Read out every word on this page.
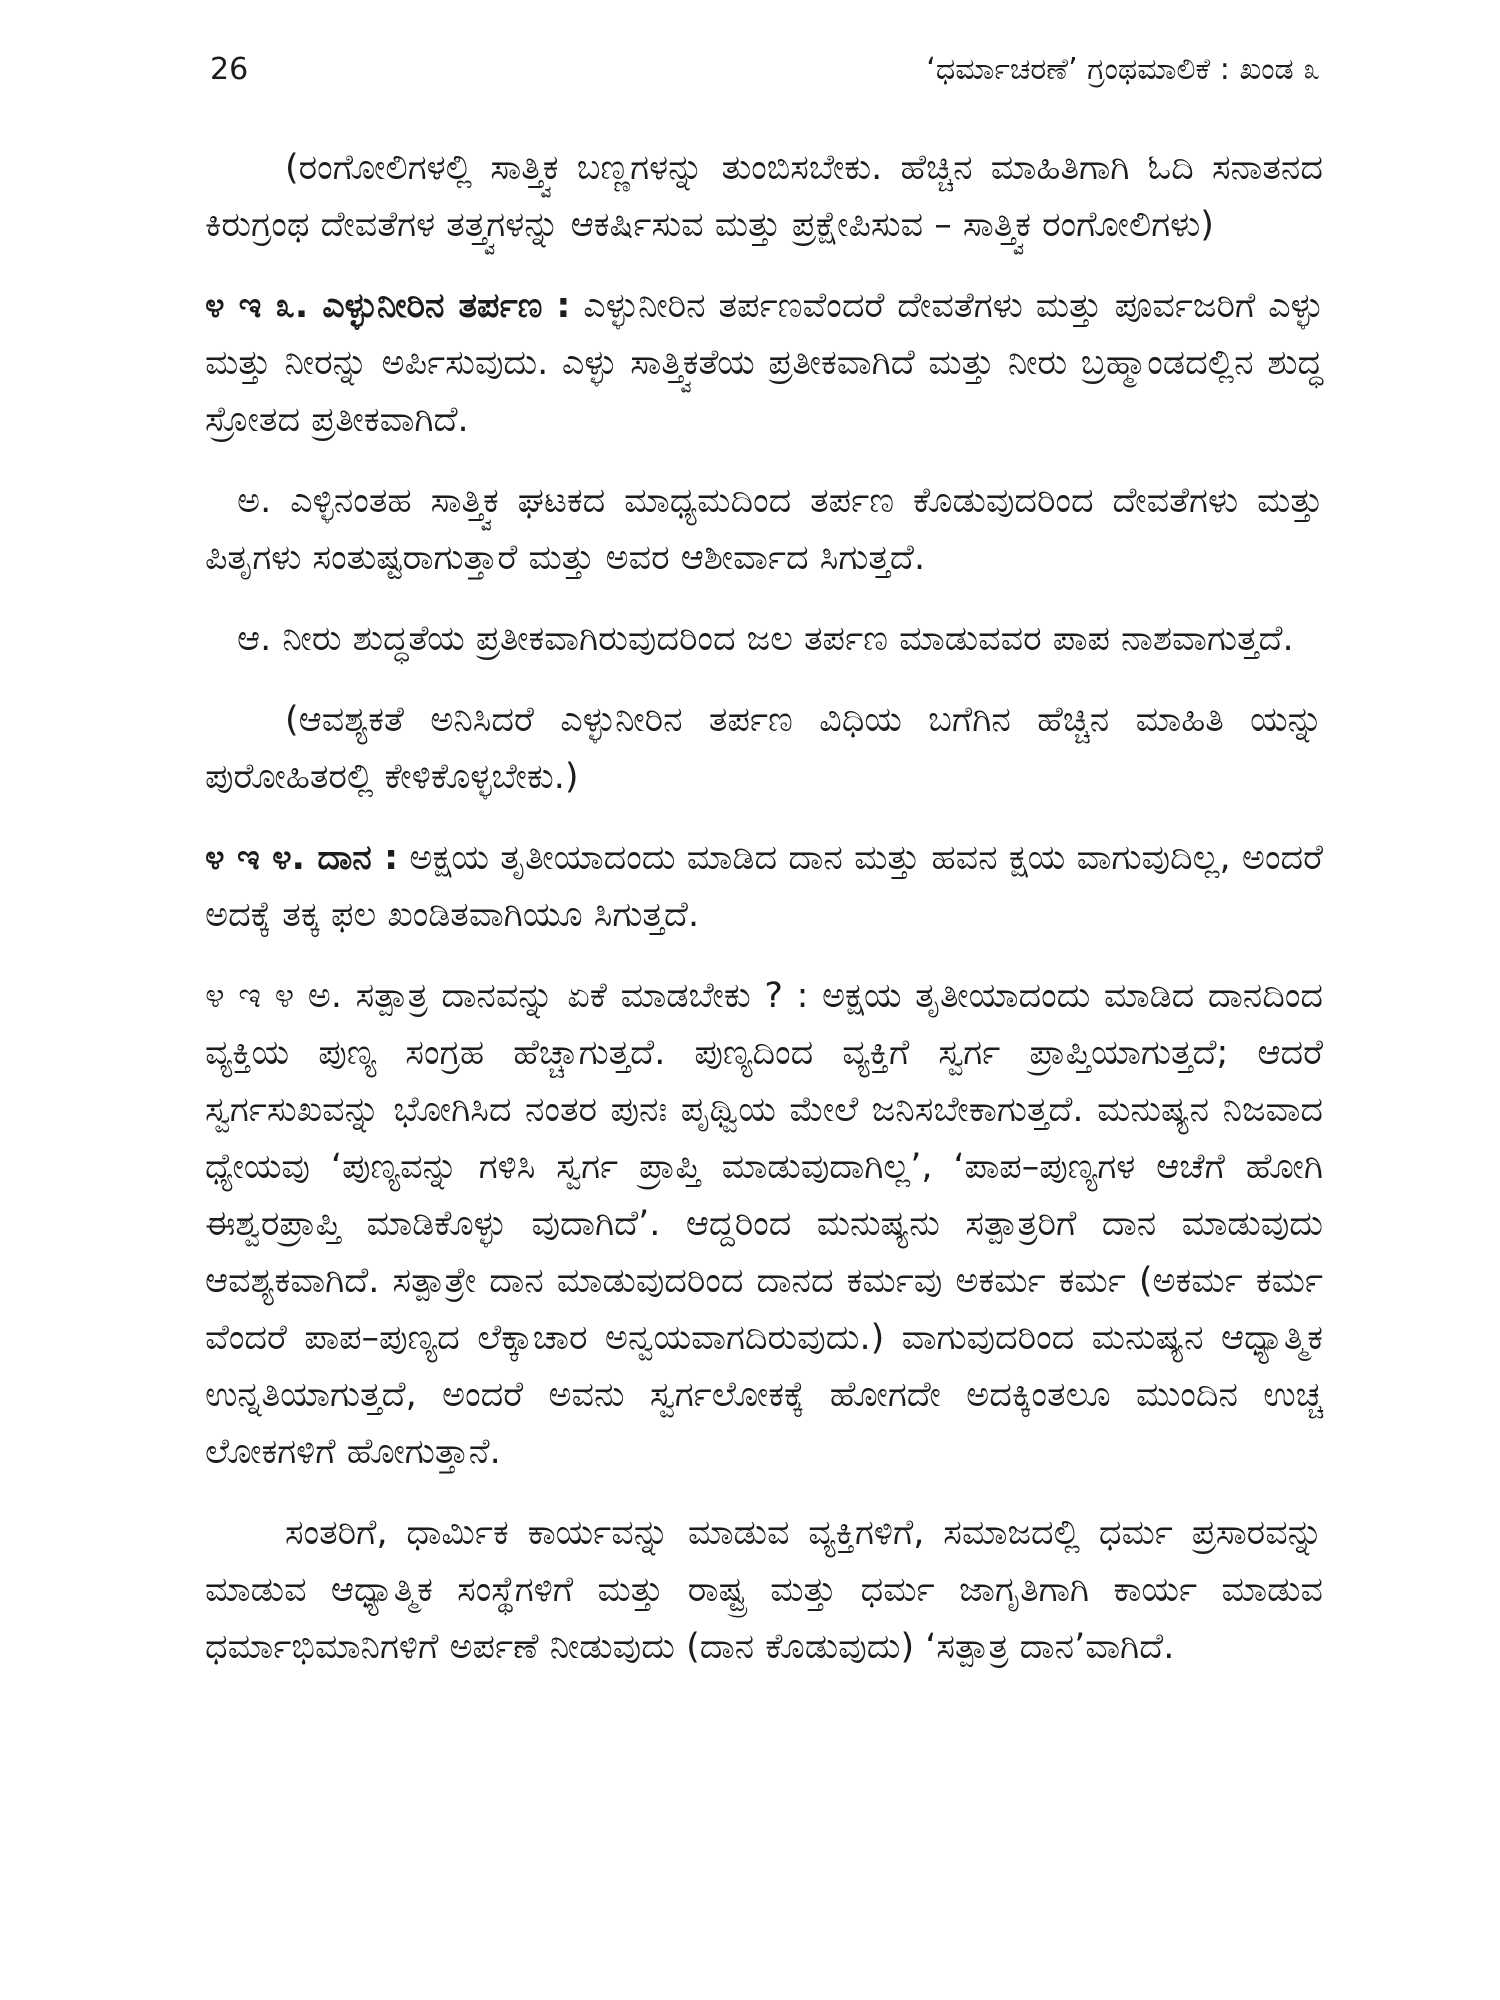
26	‘ಧರ್ಮಾಚರಣೆ’ ಗ್ರಂಥಮಾಲಿಕೆ : ಖಂಡ ೩

(ರಂಗೋಲಿಗಳಲ್ಲಿ ಸಾತ್ತ್ವಿಕ ಬಣ್ಣಗಳನ್ನು ತುಂಬಿಸಬೇಕು. ಹೆಚ್ಚಿನ ಮಾಹಿತಿಗಾಗಿ ಓದಿ ಸನಾತನದ ಕಿರುಗ್ರಂಥ ದೇವತೆಗಳ ತತ್ತ್ವಗಳನ್ನು ಆಕರ್ಷಿಸುವ ಮತ್ತು ಪ್ರಕ್ಷೇಪಿಸುವ – ಸಾತ್ತ್ವಿಕ ರಂಗೋಲಿಗಳು)

೪ ಇ ೩. ಎಳ್ಳುನೀರಿನ ತರ್ಪಣ : ಎಳ್ಳುನೀರಿನ ತರ್ಪಣವೆಂದರೆ ದೇವತೆಗಳು ಮತ್ತು ಪೂರ್ವಜರಿಗೆ ಎಳ್ಳು ಮತ್ತು ನೀರನ್ನು ಅರ್ಪಿಸುವುದು. ಎಳ್ಳು ಸಾತ್ತ್ವಿಕತೆಯ ಪ್ರತೀಕವಾಗಿದೆ ಮತ್ತು ನೀರು ಬ್ರಹ್ಮಾಂಡದಲ್ಲಿನ ಶುದ್ಧ ಸ್ರೋತದ ಪ್ರತೀಕವಾಗಿದೆ.

ಅ. ಎಳ್ಳಿನಂತಹ ಸಾತ್ತ್ವಿಕ ಘಟಕದ ಮಾಧ್ಯಮದಿಂದ ತರ್ಪಣ ಕೊಡುವುದರಿಂದ ದೇವತೆಗಳು ಮತ್ತು ಪಿತೃಗಳು ಸಂತುಷ್ಟರಾಗುತ್ತಾರೆ ಮತ್ತು ಅವರ ಆಶೀರ್ವಾದ ಸಿಗುತ್ತದೆ.

ಆ. ನೀರು ಶುದ್ಧತೆಯ ಪ್ರತೀಕವಾಗಿರುವುದರಿಂದ ಜಲ ತರ್ಪಣ ಮಾಡುವವರ ಪಾಪ ನಾಶವಾಗುತ್ತದೆ.

(ಆವಶ್ಯಕತೆ ಅನಿಸಿದರೆ ಎಳ್ಳುನೀರಿನ ತರ್ಪಣ ವಿಧಿಯ ಬಗೆಗಿನ ಹೆಚ್ಚಿನ ಮಾಹಿತಿ ಯನ್ನು ಪುರೋಹಿತರಲ್ಲಿ ಕೇಳಿಕೊಳ್ಳಬೇಕು.)

೪ ಇ ೪. ದಾನ : ಅಕ್ಷಯ ತೃತೀಯಾದಂದು ಮಾಡಿದ ದಾನ ಮತ್ತು ಹವನ ಕ್ಷಯ ವಾಗುವುದಿಲ್ಲ, ಅಂದರೆ ಅದಕ್ಕೆ ತಕ್ಕ ಫಲ ಖಂಡಿತವಾಗಿಯೂ ಸಿಗುತ್ತದೆ.

೪ ಇ ೪ ಅ. ಸತ್ಪಾತ್ರ ದಾನವನ್ನು ಏಕೆ ಮಾಡಬೇಕು ? : ಅಕ್ಷಯ ತೃತೀಯಾದಂದು ಮಾಡಿದ ದಾನದಿಂದ ವ್ಯಕ್ತಿಯ ಪುಣ್ಯ ಸಂಗ್ರಹ ಹೆಚ್ಚಾಗುತ್ತದೆ. ಪುಣ್ಯದಿಂದ ವ್ಯಕ್ತಿಗೆ ಸ್ವರ್ಗ ಪ್ರಾಪ್ತಿಯಾಗುತ್ತದೆ; ಆದರೆ ಸ್ವರ್ಗಸುಖವನ್ನು ಭೋಗಿಸಿದ ನಂತರ ಪುನಃ ಪೃಥ್ವಿಯ ಮೇಲೆ ಜನಿಸಬೇಕಾಗುತ್ತದೆ. ಮನುಷ್ಯನ ನಿಜವಾದ ಧ್ಯೇಯವು ‘ಪುಣ್ಯವನ್ನು ಗಳಿಸಿ ಸ್ವರ್ಗ ಪ್ರಾಪ್ತಿ ಮಾಡುವುದಾಗಿಲ್ಲ’, ‘ಪಾಪ–ಪುಣ್ಯಗಳ ಆಚೆಗೆ ಹೋಗಿ ಈಶ್ವರಪ್ರಾಪ್ತಿ ಮಾಡಿಕೊಳ್ಳು ವುದಾಗಿದೆ’. ಆದ್ದರಿಂದ ಮನುಷ್ಯನು ಸತ್ಪಾತ್ರರಿಗೆ ದಾನ ಮಾಡುವುದು ಆವಶ್ಯಕವಾಗಿದೆ. ಸತ್ಪಾತ್ರೇ ದಾನ ಮಾಡುವುದರಿಂದ ದಾನದ ಕರ್ಮವು ಅಕರ್ಮ ಕರ್ಮ (ಅಕರ್ಮ ಕರ್ಮ ವೆಂದರೆ ಪಾಪ–ಪುಣ್ಯದ ಲೆಕ್ಕಾಚಾರ ಅನ್ವಯವಾಗದಿರುವುದು.) ವಾಗುವುದರಿಂದ ಮನುಷ್ಯನ ಆಧ್ಯಾತ್ಮಿಕ ಉನ್ನತಿಯಾಗುತ್ತದೆ, ಅಂದರೆ ಅವನು ಸ್ವರ್ಗಲೋಕಕ್ಕೆ ಹೋಗದೇ ಅದಕ್ಕಿಂತಲೂ ಮುಂದಿನ ಉಚ್ಚ ಲೋಕಗಳಿಗೆ ಹೋಗುತ್ತಾನೆ.

ಸಂತರಿಗೆ, ಧಾರ್ಮಿಕ ಕಾರ್ಯವನ್ನು ಮಾಡುವ ವ್ಯಕ್ತಿಗಳಿಗೆ, ಸಮಾಜದಲ್ಲಿ ಧರ್ಮ ಪ್ರಸಾರವನ್ನು ಮಾಡುವ ಆಧ್ಯಾತ್ಮಿಕ ಸಂಸ್ಥೆಗಳಿಗೆ ಮತ್ತು ರಾಷ್ಟ್ರ ಮತ್ತು ಧರ್ಮ ಜಾಗೃತಿಗಾಗಿ ಕಾರ್ಯ ಮಾಡುವ ಧರ್ಮಾಭಿಮಾನಿಗಳಿಗೆ ಅರ್ಪಣೆ ನೀಡುವುದು (ದಾನ ಕೊಡುವುದು) ‘ಸತ್ಪಾತ್ರ ದಾನ’ವಾಗಿದೆ.
